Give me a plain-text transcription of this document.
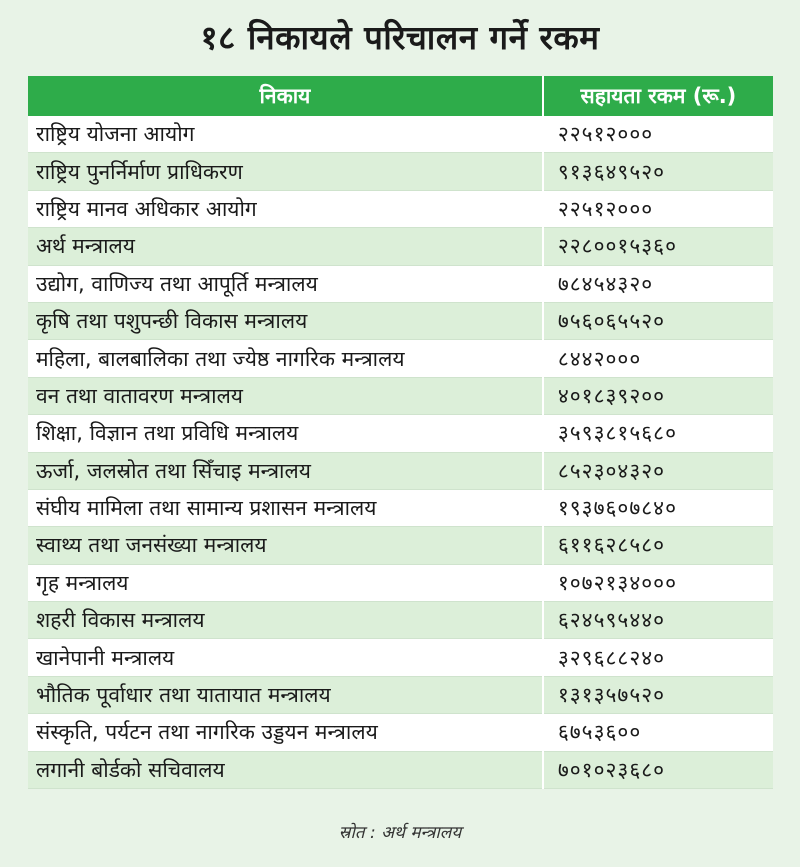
१८ निकायले परिचालन गर्ने रकम
निकाय	सहायता रकम (रू.)
राष्ट्रिय योजना आयोग	२२५१२०००
राष्ट्रिय पुनर्निर्माण प्राधिकरण	९१३६४९५२०
राष्ट्रिय मानव अधिकार आयोग	२२५१२०००
अर्थ मन्त्रालय	२२८००१५३६०
उद्योग, वाणिज्य तथा आपूर्ति मन्त्रालय	७८४५४३२०
कृषि तथा पशुपन्छी विकास मन्त्रालय	७५६०६५५२०
महिला, बालबालिका तथा ज्येष्ठ नागरिक मन्त्रालय	८४४२०००
वन तथा वातावरण मन्त्रालय	४०१८३९२००
शिक्षा, विज्ञान तथा प्रविधि मन्त्रालय	३५९३८१५६८०
ऊर्जा, जलस्रोत तथा सिँचाइ मन्त्रालय	८५२३०४३२०
संघीय मामिला तथा सामान्य प्रशासन मन्त्रालय	१९३७६०७८४०
स्वाथ्य तथा जनसंख्या मन्त्रालय	६११६२८५८०
गृह मन्त्रालय	१०७२१३४०००
शहरी विकास मन्त्रालय	६२४५९५४४०
खानेपानी मन्त्रालय	३२९६८८२४०
भौतिक पूर्वाधार तथा यातायात मन्त्रालय	१३१३५७५२०
संस्कृति, पर्यटन तथा नागरिक उड्डयन मन्त्रालय	६७५३६००
लगानी बोर्डको सचिवालय	७०१०२३६८०
स्रोत : अर्थ मन्त्रालय
